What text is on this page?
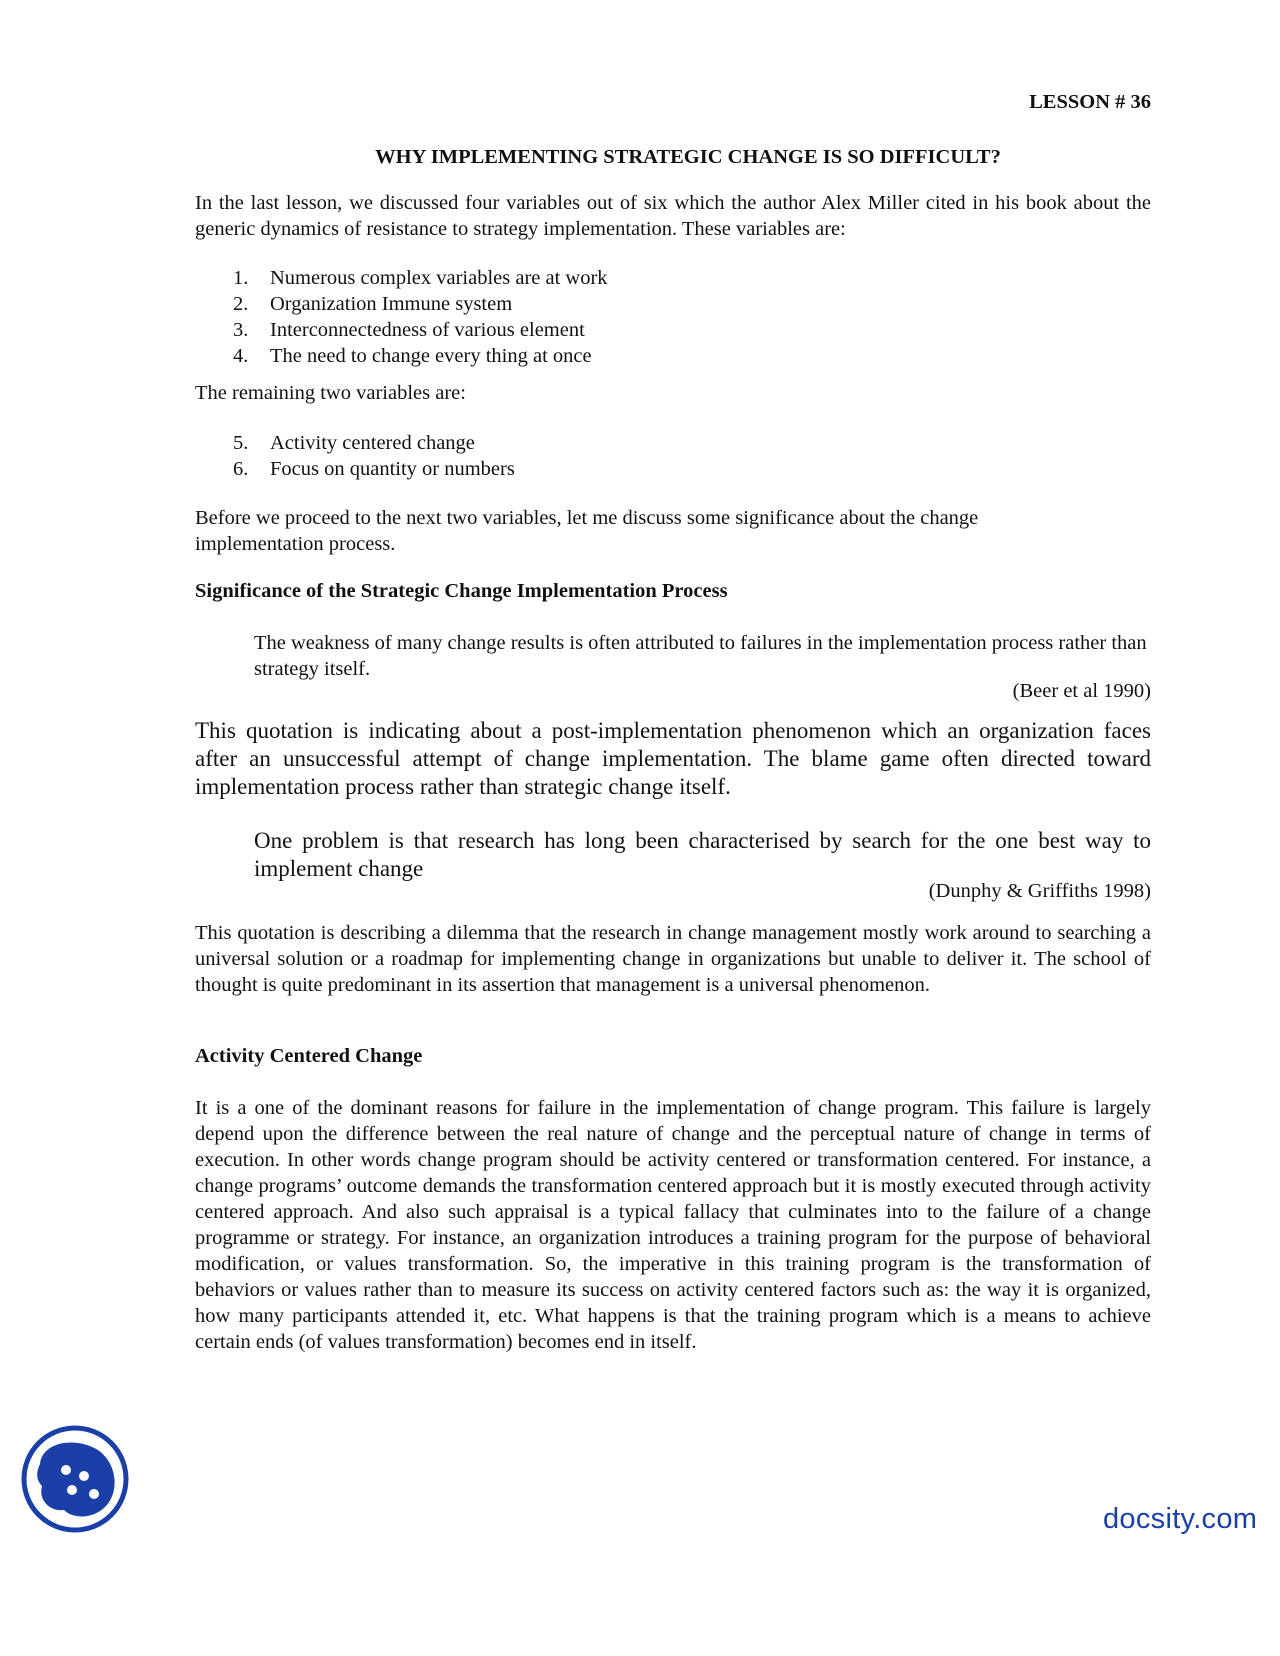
LESSON # 36
WHY IMPLEMENTING STRATEGIC CHANGE IS SO DIFFICULT?

In the last lesson, we discussed four variables out of six which the author Alex Miller cited in his book about the generic dynamics of resistance to strategy implementation. These variables are:

1.	Numerous complex variables are at work
2.	Organization Immune system
3.	Interconnectedness of various element
4.	The need to change every thing at once

The remaining two variables are:

5.	Activity centered change
6.	Focus on quantity or numbers

Before we proceed to the next two variables, let me discuss some significance about the change implementation process.

Significance of the Strategic Change Implementation Process

The weakness of many change results is often attributed to failures in the implementation process rather than strategy itself.

(Beer et al 1990)

This quotation is indicating about a post-implementation phenomenon which an organization faces after an unsuccessful attempt of change implementation. The blame game often directed toward implementation process rather than strategic change itself.

One problem is that research has long been characterised by search for the one best way to implement change

(Dunphy & Griffiths 1998)

This quotation is describing a dilemma that the research in change management mostly work around to searching a universal solution or a roadmap for implementing change in organizations but unable to deliver it. The school of thought is quite predominant in its assertion that management is a universal phenomenon.

Activity Centered Change

It is a one of the dominant reasons for failure in the implementation of change program. This failure is largely depend upon the difference between the real nature of change and the perceptual nature of change in terms of execution. In other words change program should be activity centered or transformation centered. For instance, a change programs’ outcome demands the transformation centered approach but it is mostly executed through activity centered approach. And also such appraisal is a typical fallacy that culminates into to the failure of a change programme or strategy. For instance, an organization introduces a training program for the purpose of behavioral modification, or values transformation. So, the imperative in this training program is the transformation of behaviors or values rather than to measure its success on activity centered factors such as: the way it is organized, how many participants attended it, etc. What happens is that the training program which is a means to achieve certain ends (of values transformation) becomes end in itself.

docsity.com
